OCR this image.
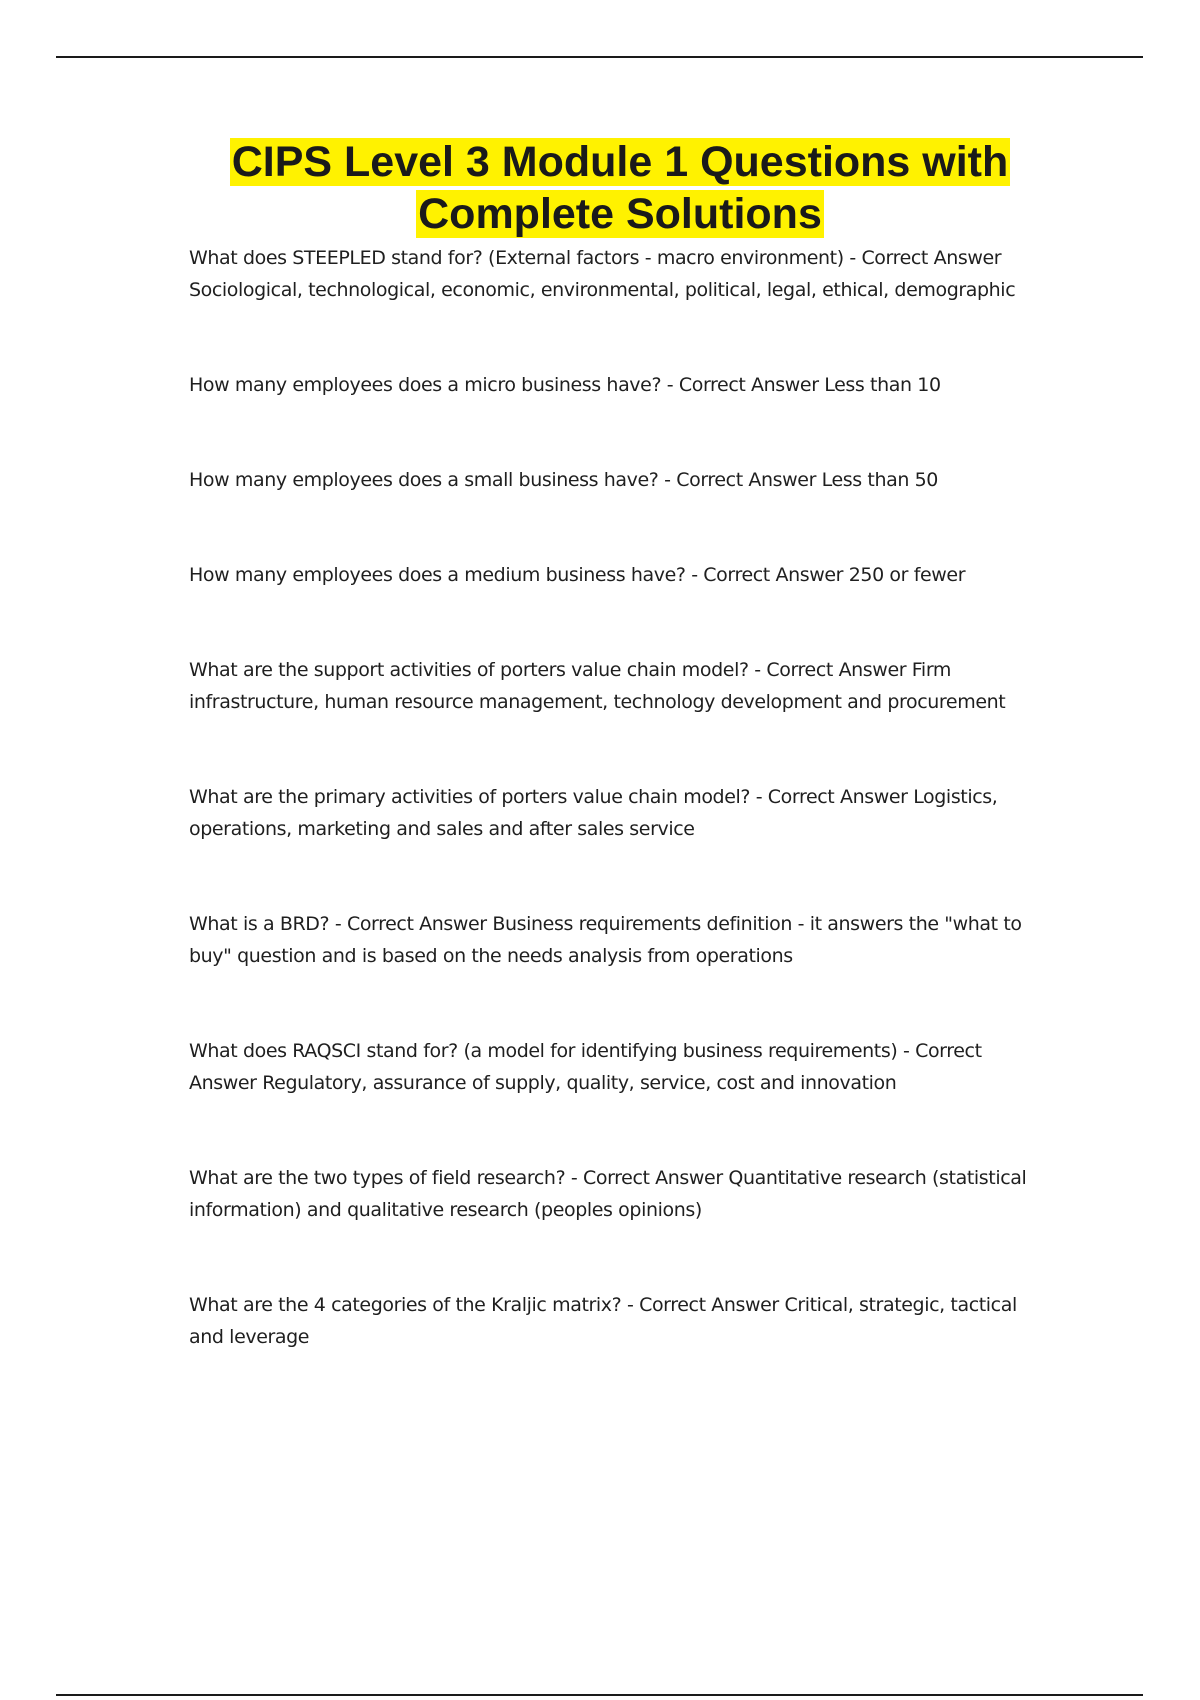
CIPS Level 3 Module 1 Questions with Complete Solutions
What does STEEPLED stand for? (External factors - macro environment) - Correct Answer Sociological, technological, economic, environmental, political, legal, ethical, demographic
How many employees does a micro business have? - Correct Answer Less than 10
How many employees does a small business have? - Correct Answer Less than 50
How many employees does a medium business have? - Correct Answer 250 or fewer
What are the support activities of porters value chain model? - Correct Answer Firm infrastructure, human resource management, technology development and procurement
What are the primary activities of porters value chain model? - Correct Answer Logistics, operations, marketing and sales and after sales service
What is a BRD? - Correct Answer Business requirements definition - it answers the "what to buy" question and is based on the needs analysis from operations
What does RAQSCI stand for? (a model for identifying business requirements) - Correct Answer Regulatory, assurance of supply, quality, service, cost and innovation
What are the two types of field research? - Correct Answer Quantitative research (statistical information) and qualitative research (peoples opinions)
What are the 4 categories of the Kraljic matrix? - Correct Answer Critical, strategic, tactical and leverage
